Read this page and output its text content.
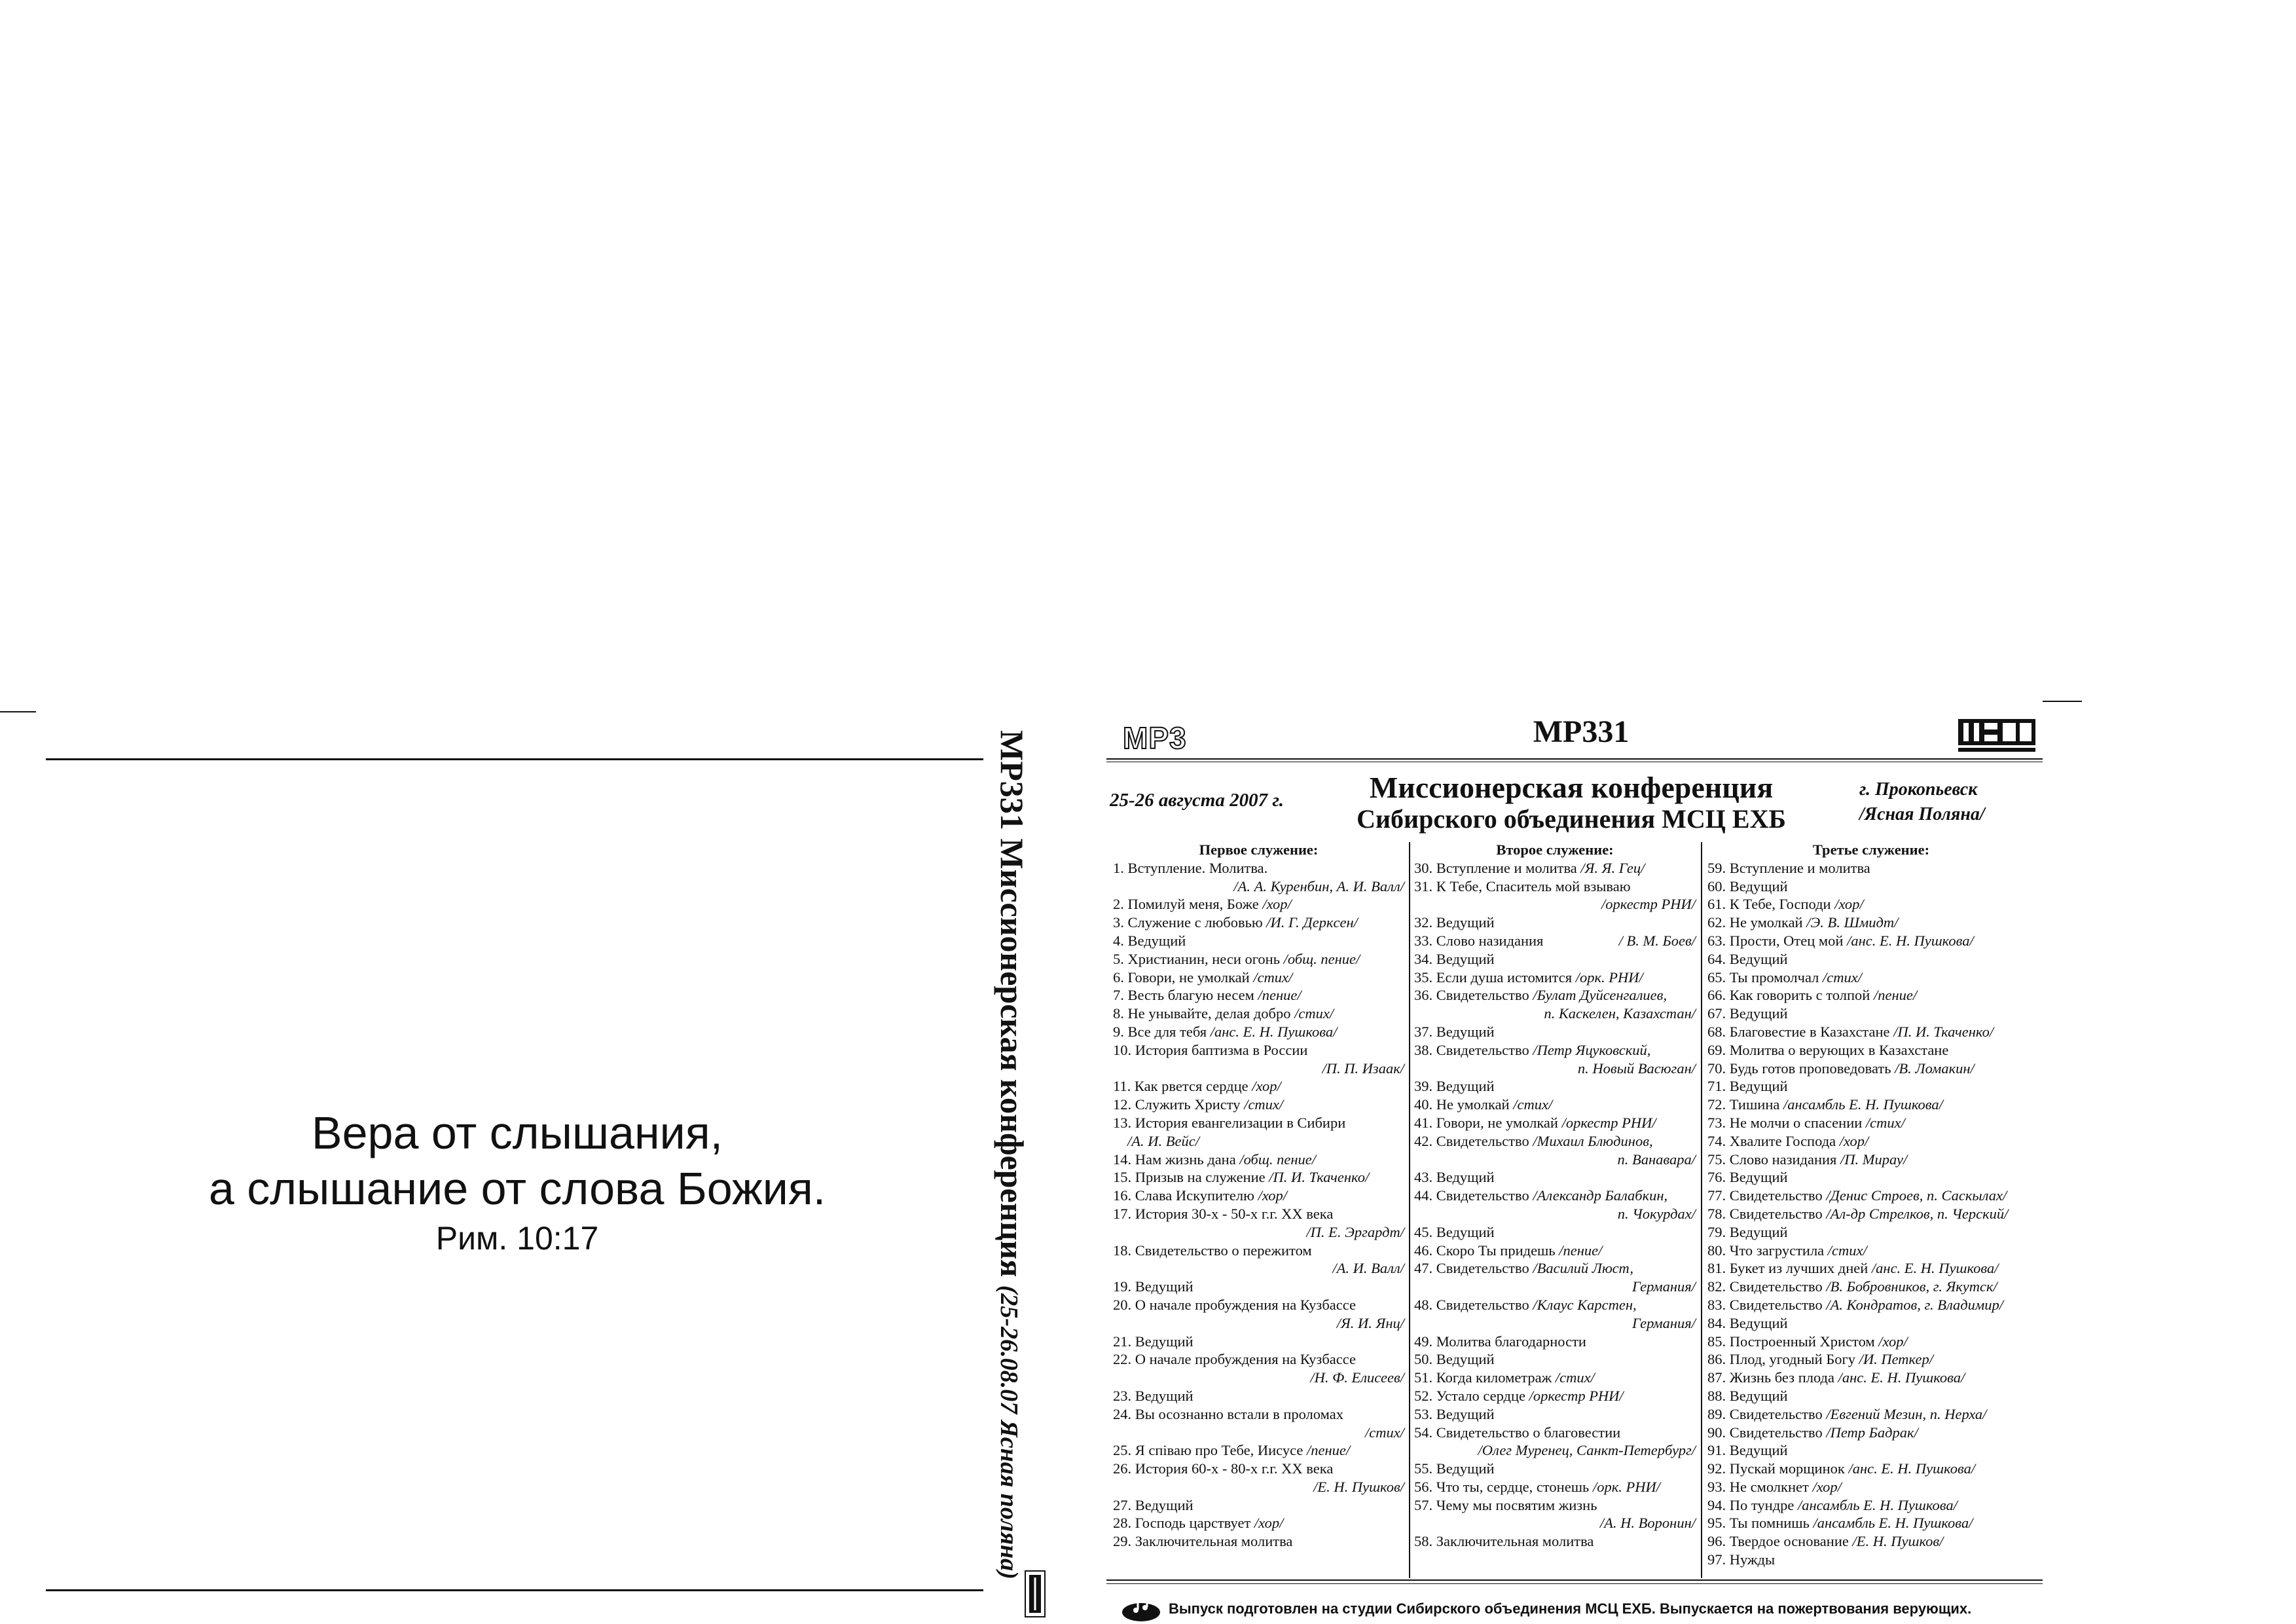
Вера от слышания,
а слышание от слова Божия.
Рим. 10:17	MP331 Миссионерская конференция (25-26.08.07 Ясная поляна)
MP3	MP331
25-26 августа 2007 г.	Миссионерская конференция
Сибирского объединения МСЦ ЕХБ
г. Прокопьевск
/Ясная Поляна/
Первое служение:
1. Вступление. Молитва.
/А. А. Куренбин, А. И. Валл/
2. Помилуй меня, Боже /хор/
3. Служение с любовью /И. Г. Деркcен/
4. Ведущий
5. Христианин, неси огонь /общ. пение/
6. Говори, не умолкай /стих/
7. Весть благую несем /пение/
8. Не унывайте, делая добро /стих/
9. Все для тебя /анс. Е. Н. Пушкова/
10. История баптизма в России
/П. П. Изаак/
11. Как рвется сердце /хор/
12. Служить Христу /стих/
13. История евангелизации в Сибири
/А. И. Вейс/
14. Нам жизнь дана /общ. пение/
15. Призыв на служение /П. И. Ткаченко/
16. Слава Искупителю /хор/
17. История 30-х - 50-х г.г. XX века
/П. Е. Эргардт/
18. Свидетельство о пережитом
/А. И. Валл/
19. Ведущий
20. О начале пробуждения на Кузбассе
/Я. И. Янц/
21. Ведущий
22. О начале пробуждения на Кузбассе
/Н. Ф. Елисеев/
23. Ведущий
24. Вы осознанно встали в проломах
/стих/
25. Я співаю про Тебе, Иисусе /пение/
26. История 60-х - 80-х г.г. XX века
/Е. Н. Пушков/
27. Ведущий
28. Господь царствует /хор/
29. Заключительная молитва
Второе служение:
30. Вступление и молитва /Я. Я. Гец/
31. К Тебе, Спаситель мой взываю
/оркестр РНИ/
32. Ведущий
33. Слово назидания	/ В. М. Боев/
34. Ведущий
35. Если душа истомится /орк. РНИ/
36. Свидетельство /Булат Дуйсенгалиев,
п. Каскелен, Казахстан/
37. Ведущий
38. Свидетельство /Петр Яцуковский,
п. Новый Васюган/
39. Ведущий
40. Не умолкай /стих/
41. Говори, не умолкай /оркестр РНИ/
42. Свидетельство /Михаил Блюдинов,
п. Ванавара/
43. Ведущий
44. Свидетельство /Александр Балабкин,
п. Чокурдах/
45. Ведущий
46. Скоро Ты придешь /пение/
47. Свидетельство /Василий Люст,
Германия/
48. Свидетельство /Клаус Карстен,
Германия/
49. Молитва благодарности
50. Ведущий
51. Когда километраж /стих/
52. Устало сердце /оркестр РНИ/
53. Ведущий
54. Свидетельство о благовестии
/Олег Муренец, Санкт-Петербург/
55. Ведущий
56. Что ты, сердце, стонешь /орк. РНИ/
57. Чему мы посвятим жизнь
/А. Н. Воронин/
58. Заключительная молитва
Третье служение:
59. Вступление и молитва
60. Ведущий
61. К Тебе, Господи /хор/
62. Не умолкай /Э. В. Шмидт/
63. Прости, Отец мой /анс. Е. Н. Пушкова/
64. Ведущий
65. Ты промолчал /стих/
66. Как говорить с толпой /пение/
67. Ведущий
68. Благовестие в Казахстане /П. И. Ткаченко/
69. Молитва о верующих в Казахстане
70. Будь готов проповедовать /В. Ломакин/
71. Ведущий
72. Тишина /ансамбль Е. Н. Пушкова/
73. Не молчи о спасении /стих/
74. Хвалите Господа /хор/
75. Слово назидания /П. Мирау/
76. Ведущий
77. Свидетельство /Денис Строев, п. Саскылах/
78. Свидетельство /Ал-др Стрелков, п. Черский/
79. Ведущий
80. Что загрустила /стих/
81. Букет из лучших дней /анс. Е. Н. Пушкова/
82. Свидетельство /В. Бобровников, г. Якутск/
83. Свидетельство /А. Кондратов, г. Владимир/
84. Ведущий
85. Построенный Христом /хор/
86. Плод, угодный Богу /И. Петкер/
87. Жизнь без плода /анс. Е. Н. Пушкова/
88. Ведущий
89. Свидетельство /Евгений Мезин, п. Нерха/
90. Свидетельство /Петр Бадрак/
91. Ведущий
92. Пускай морщинок /анс. Е. Н. Пушкова/
93. Не смолкнет /хор/
94. По тундре /ансамбль Е. Н. Пушкова/
95. Ты помнишь /ансамбль Е. Н. Пушкова/
96. Твердое основание /Е. Н. Пушков/
97. Нужды
Выпуск подготовлен на студии Сибирского объединения МСЦ ЕХБ. Выпускается на пожертвования верующих.
